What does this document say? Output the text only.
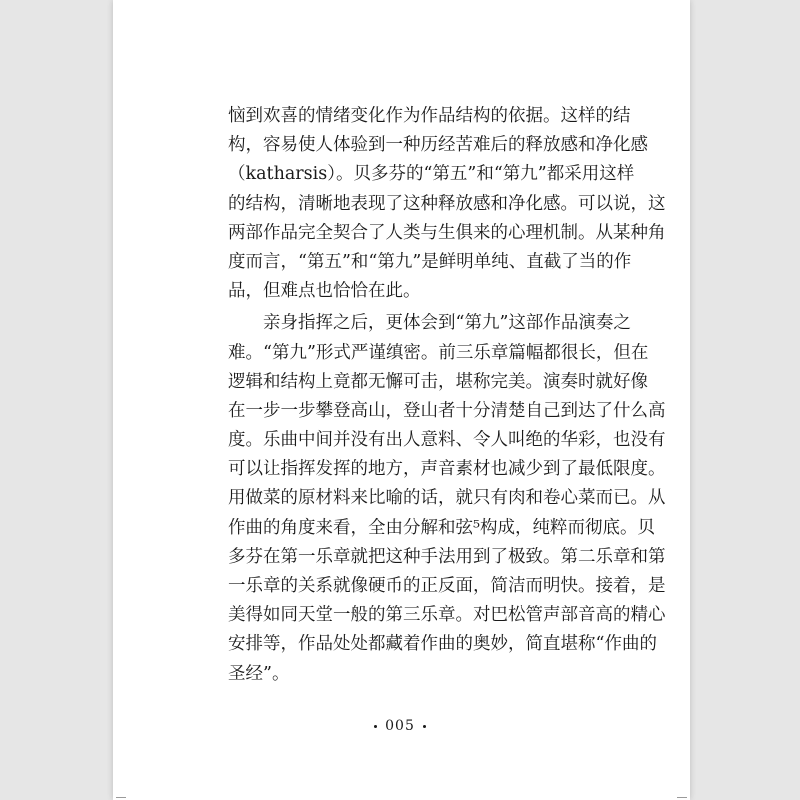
恼到欢喜的情绪变化作为作品结构的依据。这样的结
构，容易使人体验到一种历经苦难后的释放感和净化感
（katharsis）。贝多芬的“第五”和“第九”都采用这样
的结构，清晰地表现了这种释放感和净化感。可以说，这
两部作品完全契合了人类与生俱来的心理机制。从某种角
度而言，“第五”和“第九”是鲜明单纯、直截了当的作
品，但难点也恰恰在此。
亲身指挥之后，更体会到“第九”这部作品演奏之
难。“第九”形式严谨缜密。前三乐章篇幅都很长，但在
逻辑和结构上竟都无懈可击，堪称完美。演奏时就好像
在一步一步攀登高山，登山者十分清楚自己到达了什么高
度。乐曲中间并没有出人意料、令人叫绝的华彩，也没有
可以让指挥发挥的地方，声音素材也减少到了最低限度。
用做菜的原材料来比喻的话，就只有肉和卷心菜而已。从
作曲的角度来看，全由分解和弦⁵构成，纯粹而彻底。贝
多芬在第一乐章就把这种手法用到了极致。第二乐章和第
一乐章的关系就像硬币的正反面，简洁而明快。接着，是
美得如同天堂一般的第三乐章。对巴松管声部音高的精心
安排等，作品处处都藏着作曲的奥妙，简直堪称“作曲的
圣经”。
005
